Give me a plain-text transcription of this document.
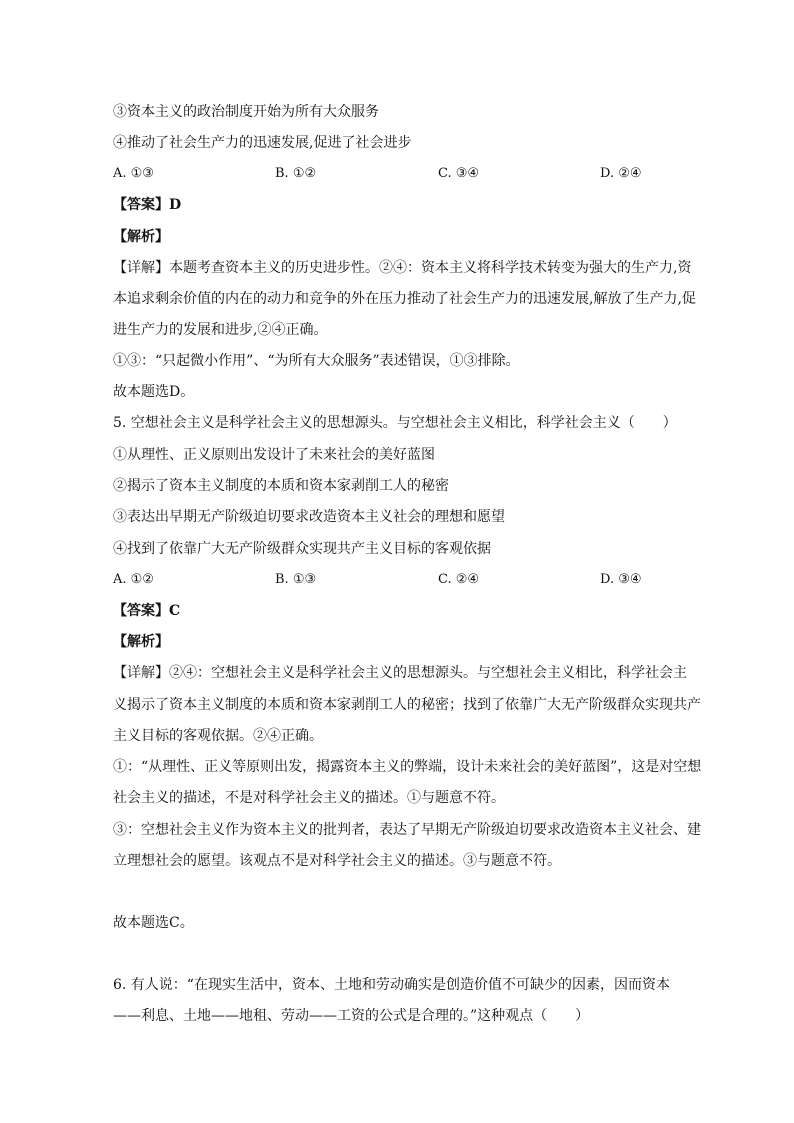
③资本主义的政治制度开始为所有大众服务

④推动了社会生产力的迅速发展,促进了社会进步

A. ①③	B. ①②	C. ③④	D. ②④

【答案】D

【解析】

【详解】本题考查资本主义的历史进步性。②④：资本主义将科学技术转变为强大的生产力,资

本追求剩余价值的内在的动力和竞争的外在压力推动了社会生产力的迅速发展,解放了生产力,促

进生产力的发展和进步,②④正确。

①③：“只起微小作用”、“为所有大众服务”表述错误，①③排除。

故本题选D。

5. 空想社会主义是科学社会主义的思想源头。与空想社会主义相比，科学社会主义（　　）

①从理性、正义原则出发设计了未来社会的美好蓝图

②揭示了资本主义制度的本质和资本家剥削工人的秘密

③表达出早期无产阶级迫切要求改造资本主义社会的理想和愿望

④找到了依靠广大无产阶级群众实现共产主义目标的客观依据

A. ①②	B. ①③	C. ②④	D. ③④

【答案】C

【解析】

【详解】②④：空想社会主义是科学社会主义的思想源头。与空想社会主义相比，科学社会主

义揭示了资本主义制度的本质和资本家剥削工人的秘密；找到了依靠广大无产阶级群众实现共产

主义目标的客观依据。②④正确。

①：“从理性、正义等原则出发，揭露资本主义的弊端，设计未来社会的美好蓝图”，这是对空想

社会主义的描述，不是对科学社会主义的描述。①与题意不符。

③：空想社会主义作为资本主义的批判者，表达了早期无产阶级迫切要求改造资本主义社会、建

立理想社会的愿望。该观点不是对科学社会主义的描述。③与题意不符。

故本题选C。

6. 有人说：“在现实生活中，资本、土地和劳动确实是创造价值不可缺少的因素，因而资本

——利息、土地——地租、劳动——工资的公式是合理的。”这种观点（　　）
